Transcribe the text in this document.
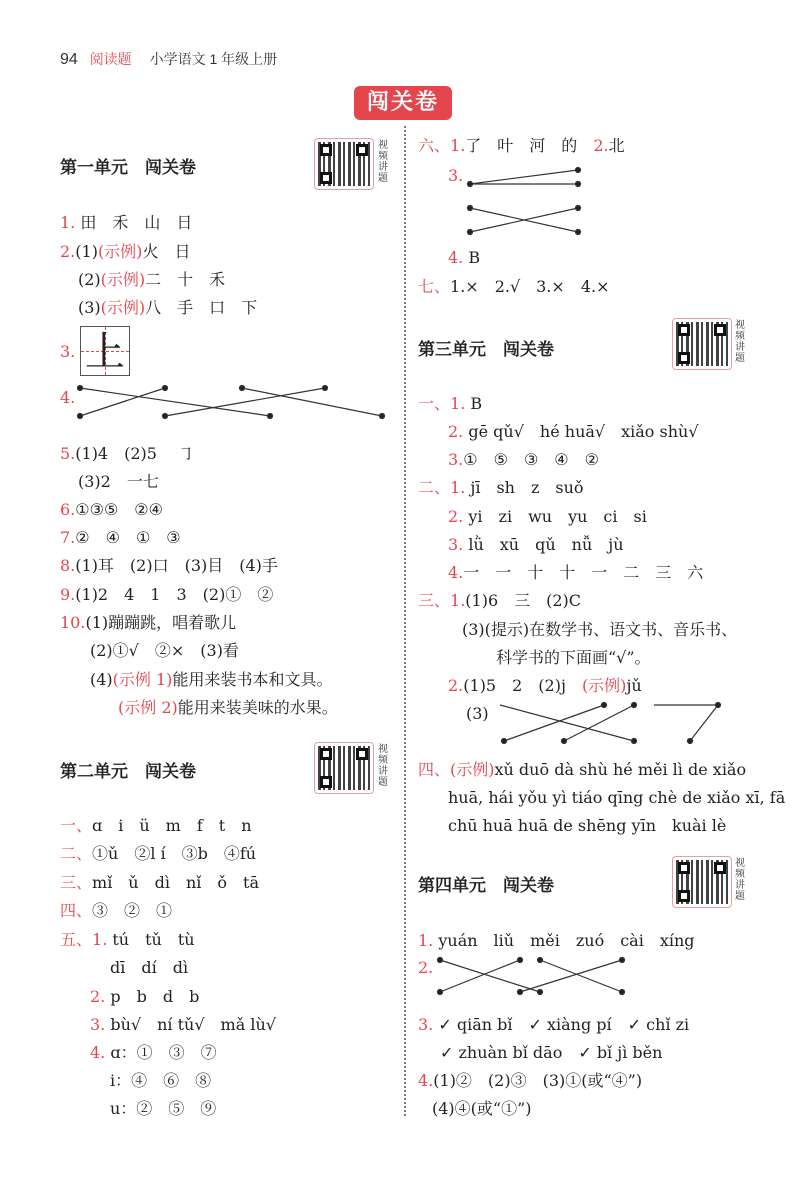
94 阅读题 小学语文 1 年级上册
闯关卷
第一单元　闯关卷
视频讲题
1. 田　禾　山　日
2.(1)(示例)火　日
(2)(示例)二　十　禾
(3)(示例)八　手　口　下
3. 上
4.
5.(1)4　(2)5　 ㇆
(3)2　一七
6.①③⑤　②④
7.②　④　①　③
8.(1)耳　(2)口　(3)目　(4)手
9.(1)2　4　1　3　(2)①　②
10.(1)蹦蹦跳，唱着歌儿
(2)①√　②×　(3)看
(4)(示例 1)能用来装书本和文具。
(示例 2)能用来装美味的水果。
第二单元　闯关卷
视频讲题
一、ɑ　i　ü　m　f　t　n
二、①ǔ　②l í　③b　④fú
三、mǐ　ǔ　dì　nǐ　ǒ　tā
四、③　②　①
五、1. tú　tǔ　tù
dī　dí　dì
2. p　b　d　b
3. bù√　ní tǔ√　mǎ lù√
4. ɑ：①　③　⑦
i：④　⑥　⑧
u：②　⑤　⑨
六、1.了　叶　河　的　 2.北
3.
4. B
七、1.×　2.√　3.×　4.×
第三单元　闯关卷
视频讲题
一、1. B
2. gē qǔ√　hé huā√　xiǎo shù√
3.①　⑤　③　④　②
二、1. jī　sh　z　suǒ
2. yi　zi　wu　yu　ci　si
3. lǜ　xū　qǔ　nǚ　jù
4.一　一　十　十　一　二　三　六
三、1.(1)6　三　(2)C
(3)(提示)在数学书、语文书、音乐书、
科学书的下面画“√”。
2.(1)5　2　(2)j　 (示例)jǔ
(3)
四、(示例)xǔ duō dà shù hé měi lì de xiǎo
huā, hái yǒu yì tiáo qīng chè de xiǎo xī, fā
chū huā huā de shēng yīn　kuài lè
第四单元　闯关卷
视频讲题
1. yuán　liǔ　měi　zuó　cài　xíng
2.
3. ✓ qiān bǐ　✓ xiàng pí　✓ chǐ zi
✓ zhuàn bǐ dāo　✓ bǐ jì běn
4.(1)②　(2)③　(3)①(或“④”)
(4)④(或“①”)
